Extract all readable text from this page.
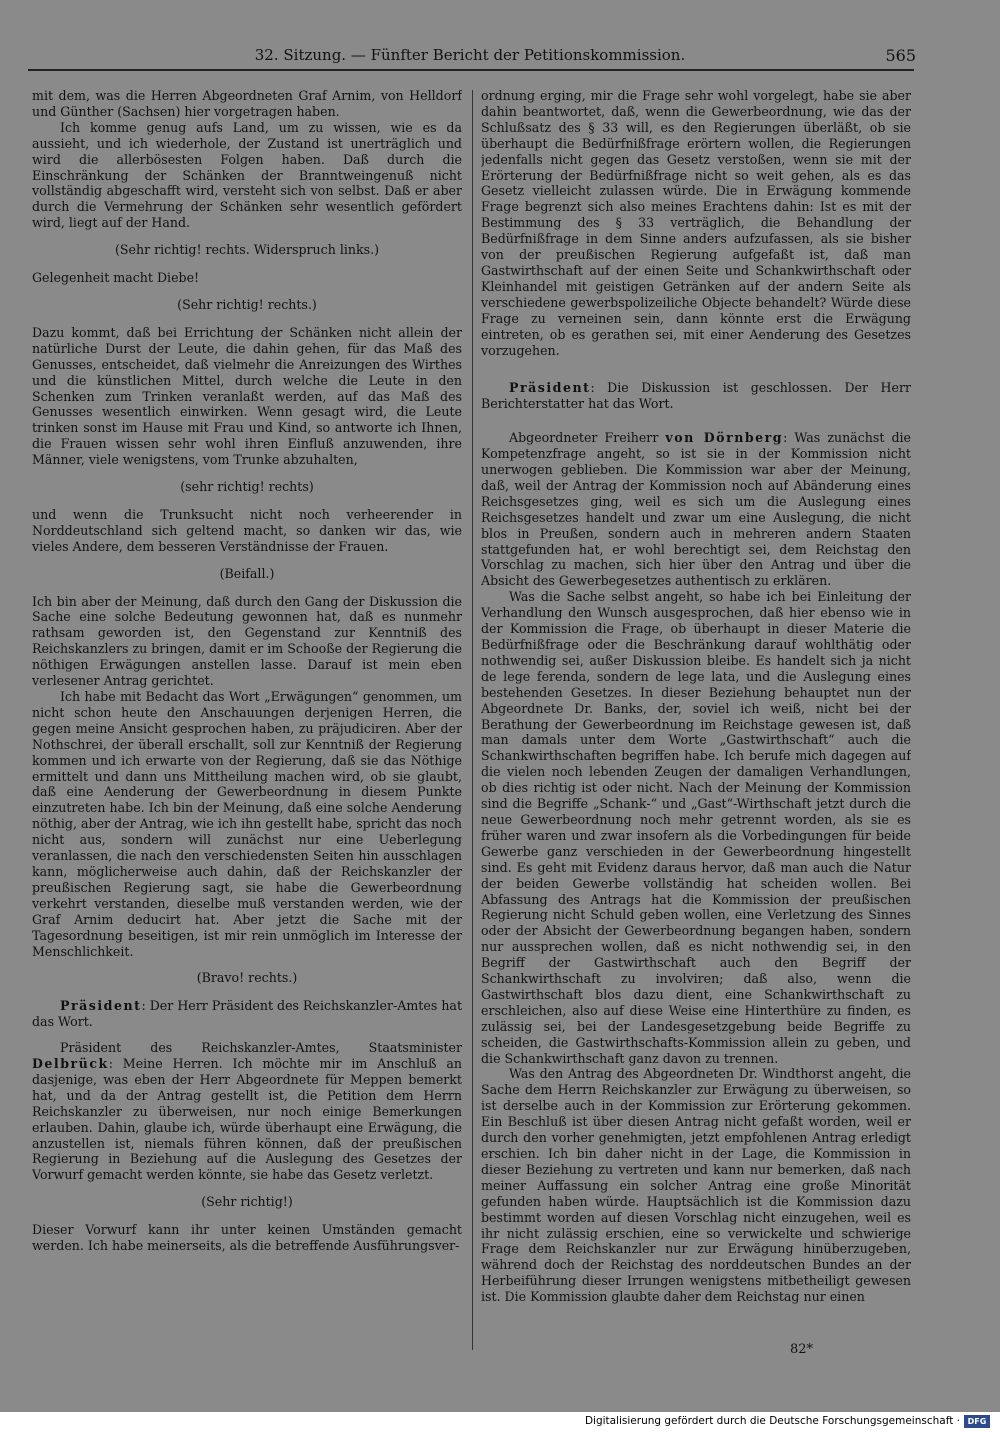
32. Sitzung. — Fünfter Bericht der Petitionskommission.	565

mit dem, was die Herren Abgeordneten Graf Arnim, von Helldorf und Günther (Sachsen) hier vorgetragen haben.

Ich komme genug aufs Land, um zu wissen, wie es da aussieht, und ich wiederhole, der Zustand ist unerträglich und wird die allerbösesten Folgen haben. Daß durch die Einschränkung der Schänken der Branntweingenuß nicht vollständig abgeschafft wird, versteht sich von selbst. Daß er aber durch die Vermehrung der Schänken sehr wesentlich gefördert wird, liegt auf der Hand.

(Sehr richtig! rechts. Widerspruch links.)

Gelegenheit macht Diebe!

(Sehr richtig! rechts.)

Dazu kommt, daß bei Errichtung der Schänken nicht allein der natürliche Durst der Leute, die dahin gehen, für das Maß des Genusses, entscheidet, daß vielmehr die Anreizungen des Wirthes und die künstlichen Mittel, durch welche die Leute in den Schenken zum Trinken veranlaßt werden, auf das Maß des Genusses wesentlich einwirken. Wenn gesagt wird, die Leute trinken sonst im Hause mit Frau und Kind, so antworte ich Ihnen, die Frauen wissen sehr wohl ihren Einfluß anzuwenden, ihre Männer, viele wenigstens, vom Trunke abzuhalten,

(sehr richtig! rechts)

und wenn die Trunksucht nicht noch verheerender in Norddeutschland sich geltend macht, so danken wir das, wie vieles Andere, dem besseren Verständnisse der Frauen.

(Beifall.)

Ich bin aber der Meinung, daß durch den Gang der Diskussion die Sache eine solche Bedeutung gewonnen hat, daß es nunmehr rathsam geworden ist, den Gegenstand zur Kenntniß des Reichskanzlers zu bringen, damit er im Schooße der Regierung die nöthigen Erwägungen anstellen lasse. Darauf ist mein eben verlesener Antrag gerichtet.

Ich habe mit Bedacht das Wort „Erwägungen“ genommen, um nicht schon heute den Anschauungen derjenigen Herren, die gegen meine Ansicht gesprochen haben, zu präjudiciren. Aber der Nothschrei, der überall erschallt, soll zur Kenntniß der Regierung kommen und ich erwarte von der Regierung, daß sie das Nöthige ermittelt und dann uns Mittheilung machen wird, ob sie glaubt, daß eine Aenderung der Gewerbeordnung in diesem Punkte einzutreten habe. Ich bin der Meinung, daß eine solche Aenderung nöthig, aber der Antrag, wie ich ihn gestellt habe, spricht das noch nicht aus, sondern will zunächst nur eine Ueberlegung veranlassen, die nach den verschiedensten Seiten hin ausschlagen kann, möglicherweise auch dahin, daß der Reichskanzler der preußischen Regierung sagt, sie habe die Gewerbeordnung verkehrt verstanden, dieselbe muß verstanden werden, wie der Graf Arnim deducirt hat. Aber jetzt die Sache mit der Tagesordnung beseitigen, ist mir rein unmöglich im Interesse der Menschlichkeit.

(Bravo! rechts.)

Präsident: Der Herr Präsident des Reichskanzler-Amtes hat das Wort.

Präsident des Reichskanzler-Amtes, Staatsminister Delbrück: Meine Herren. Ich möchte mir im Anschluß an dasjenige, was eben der Herr Abgeordnete für Meppen bemerkt hat, und da der Antrag gestellt ist, die Petition dem Herrn Reichskanzler zu überweisen, nur noch einige Bemerkungen erlauben. Dahin, glaube ich, würde überhaupt eine Erwägung, die anzustellen ist, niemals führen können, daß der preußischen Regierung in Beziehung auf die Auslegung des Gesetzes der Vorwurf gemacht werden könnte, sie habe das Gesetz verletzt.

(Sehr richtig!)

Dieser Vorwurf kann ihr unter keinen Umständen gemacht werden. Ich habe meinerseits, als die betreffende Ausführungsver-

ordnung erging, mir die Frage sehr wohl vorgelegt, habe sie aber dahin beantwortet, daß, wenn die Gewerbeordnung, wie das der Schlußsatz des § 33 will, es den Regierungen überläßt, ob sie überhaupt die Bedürfnißfrage erörtern wollen, die Regierungen jedenfalls nicht gegen das Gesetz verstoßen, wenn sie mit der Erörterung der Bedürfnißfrage nicht so weit gehen, als es das Gesetz vielleicht zulassen würde. Die in Erwägung kommende Frage begrenzt sich also meines Erachtens dahin: Ist es mit der Bestimmung des § 33 verträglich, die Behandlung der Bedürfnißfrage in dem Sinne anders aufzufassen, als sie bisher von der preußischen Regierung aufgefaßt ist, daß man Gastwirthschaft auf der einen Seite und Schankwirthschaft oder Kleinhandel mit geistigen Getränken auf der andern Seite als verschiedene gewerbspolizeiliche Objecte behandelt? Würde diese Frage zu verneinen sein, dann könnte erst die Erwägung eintreten, ob es gerathen sei, mit einer Aenderung des Gesetzes vorzugehen.

Präsident: Die Diskussion ist geschlossen. Der Herr Berichterstatter hat das Wort.

Abgeordneter Freiherr von Dörnberg: Was zunächst die Kompetenzfrage angeht, so ist sie in der Kommission nicht unerwogen geblieben. Die Kommission war aber der Meinung, daß, weil der Antrag der Kommission noch auf Abänderung eines Reichsgesetzes ging, weil es sich um die Auslegung eines Reichsgesetzes handelt und zwar um eine Auslegung, die nicht blos in Preußen, sondern auch in mehreren andern Staaten stattgefunden hat, er wohl berechtigt sei, dem Reichstag den Vorschlag zu machen, sich hier über den Antrag und über die Absicht des Gewerbegesetzes authentisch zu erklären.

Was die Sache selbst angeht, so habe ich bei Einleitung der Verhandlung den Wunsch ausgesprochen, daß hier ebenso wie in der Kommission die Frage, ob überhaupt in dieser Materie die Bedürfnißfrage oder die Beschränkung darauf wohlthätig oder nothwendig sei, außer Diskussion bleibe. Es handelt sich ja nicht de lege ferenda, sondern de lege lata, und die Auslegung eines bestehenden Gesetzes. In dieser Beziehung behauptet nun der Abgeordnete Dr. Banks, der, soviel ich weiß, nicht bei der Berathung der Gewerbeordnung im Reichstage gewesen ist, daß man damals unter dem Worte „Gastwirthschaft“ auch die Schankwirthschaften begriffen habe. Ich berufe mich dagegen auf die vielen noch lebenden Zeugen der damaligen Verhandlungen, ob dies richtig ist oder nicht. Nach der Meinung der Kommission sind die Begriffe „Schank-“ und „Gast“-Wirthschaft jetzt durch die neue Gewerbeordnung noch mehr getrennt worden, als sie es früher waren und zwar insofern als die Vorbedingungen für beide Gewerbe ganz verschieden in der Gewerbeordnung hingestellt sind. Es geht mit Evidenz daraus hervor, daß man auch die Natur der beiden Gewerbe vollständig hat scheiden wollen. Bei Abfassung des Antrags hat die Kommission der preußischen Regierung nicht Schuld geben wollen, eine Verletzung des Sinnes oder der Absicht der Gewerbeordnung begangen haben, sondern nur aussprechen wollen, daß es nicht nothwendig sei, in den Begriff der Gastwirthschaft auch den Begriff der Schankwirthschaft zu involviren; daß also, wenn die Gastwirthschaft blos dazu dient, eine Schankwirthschaft zu erschleichen, also auf diese Weise eine Hinterthüre zu finden, es zulässig sei, bei der Landesgesetzgebung beide Begriffe zu scheiden, die Gastwirthschafts-Kommission allein zu geben, und die Schankwirthschaft ganz davon zu trennen.

Was den Antrag des Abgeordneten Dr. Windthorst angeht, die Sache dem Herrn Reichskanzler zur Erwägung zu überweisen, so ist derselbe auch in der Kommission zur Erörterung gekommen. Ein Beschluß ist über diesen Antrag nicht gefaßt worden, weil er durch den vorher genehmigten, jetzt empfohlenen Antrag erledigt erschien. Ich bin daher nicht in der Lage, die Kommission in dieser Beziehung zu vertreten und kann nur bemerken, daß nach meiner Auffassung ein solcher Antrag eine große Minorität gefunden haben würde. Hauptsächlich ist die Kommission dazu bestimmt worden auf diesen Vorschlag nicht einzugehen, weil es ihr nicht zulässig erschien, eine so verwickelte und schwierige Frage dem Reichskanzler nur zur Erwägung hinüberzugeben, während doch der Reichstag des norddeutschen Bundes an der Herbeiführung dieser Irrungen wenigstens mitbetheiligt gewesen ist. Die Kommission glaubte daher dem Reichstag nur einen

82*
Digitalisierung gefördert durch die Deutsche Forschungsgemeinschaft · DFG
